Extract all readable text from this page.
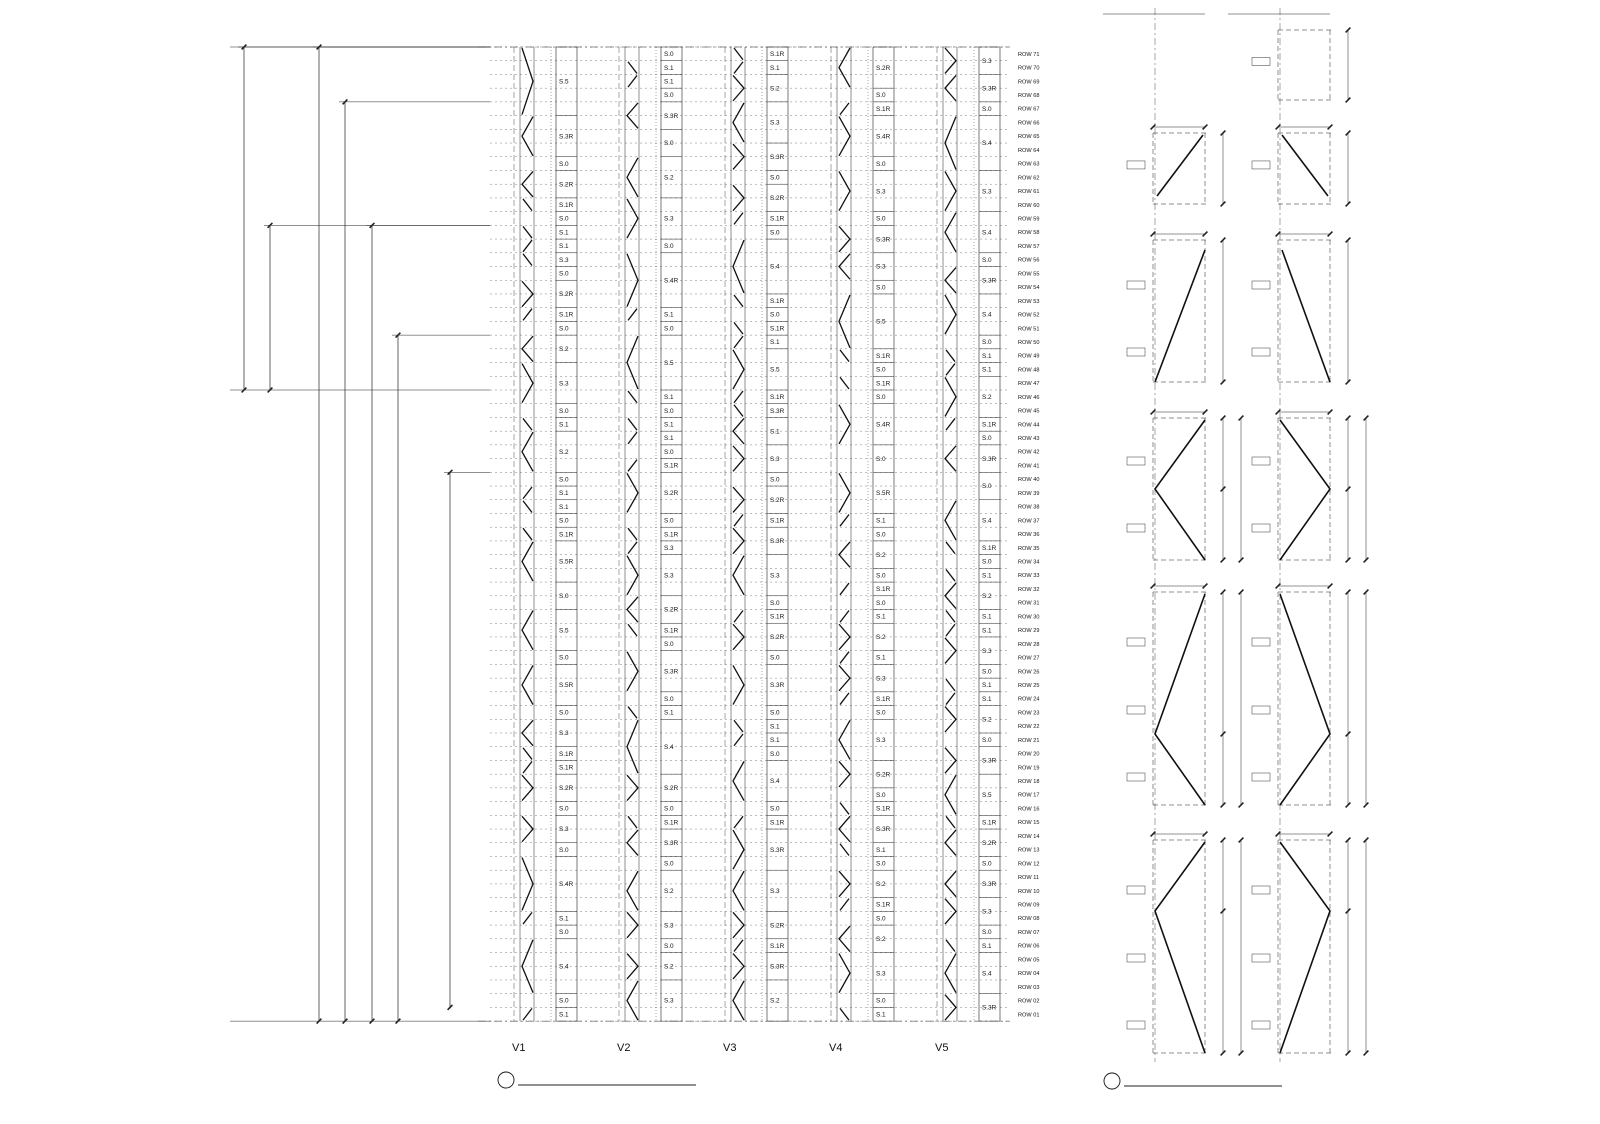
S.5
S.3R
S.0
S.2R
S.1R
S.0
S.1
S.1
S.3
S.0
S.2R
S.1R
S.0
S.2
S.3
S.0
S.1
S.2
S.0
S.1
S.1
S.0
S.1R
S.5R
S.0
S.5
S.0
S.5R
S.0
S.3
S.1R
S.1R
S.2R
S.0
S.3
S.0
S.4R
S.1
S.0
S.4
S.0
S.1
V1
S.0
S.1
S.1
S.0
S.3R
S.0
S.2
S.3
S.0
S.4R
S.1
S.0
S.5
S.1
S.0
S.1
S.1
S.0
S.1R
S.2R
S.0
S.1R
S.3
S.3
S.2R
S.1R
S.0
S.3R
S.0
S.1
S.4
S.2R
S.0
S.1R
S.3R
S.0
S.2
S.3
S.0
S.2
S.3
V2
S.1R
S.1
S.2
S.3
S.3R
S.0
S.2R
S.1R
S.0
S.4
S.1R
S.0
S.1R
S.1
S.5
S.1R
S.3R
S.1
S.3
S.0
S.2R
S.1R
S.3R
S.3
S.0
S.1R
S.2R
S.0
S.3R
S.0
S.1
S.1
S.0
S.4
S.0
S.1R
S.3R
S.3
S.2R
S.1R
S.3R
S.2
V3
S.2R
S.0
S.1R
S.4R
S.0
S.3
S.0
S.3R
S.3
S.0
S.5
S.1R
S.0
S.1R
S.0
S.4R
S.0
S.5R
S.1
S.0
S.2
S.0
S.1R
S.0
S.1
S.2
S.1
S.3
S.1R
S.0
S.3
S.2R
S.0
S.1R
S.3R
S.1
S.0
S.2
S.1R
S.0
S.2
S.3
S.0
S.1
V4
S.3
S.3R
S.0
S.4
S.3
S.4
S.0
S.3R
S.4
S.0
S.1
S.1
S.2
S.1R
S.0
S.3R
S.0
S.4
S.1R
S.0
S.1
S.2
S.1
S.1
S.3
S.0
S.1
S.1
S.2
S.0
S.3R
S.5
S.1R
S.2R
S.0
S.3R
S.3
S.0
S.1
S.4
S.3R
V5
ROW 71
ROW 70
ROW 69
ROW 68
ROW 67
ROW 66
ROW 65
ROW 64
ROW 63
ROW 62
ROW 61
ROW 60
ROW 59
ROW 58
ROW 57
ROW 56
ROW 55
ROW 54
ROW 53
ROW 52
ROW 51
ROW 50
ROW 49
ROW 48
ROW 47
ROW 46
ROW 45
ROW 44
ROW 43
ROW 42
ROW 41
ROW 40
ROW 39
ROW 38
ROW 37
ROW 36
ROW 35
ROW 34
ROW 33
ROW 32
ROW 31
ROW 30
ROW 29
ROW 28
ROW 27
ROW 26
ROW 25
ROW 24
ROW 23
ROW 22
ROW 21
ROW 20
ROW 19
ROW 18
ROW 17
ROW 16
ROW 15
ROW 14
ROW 13
ROW 12
ROW 11
ROW 10
ROW 09
ROW 08
ROW 07
ROW 06
ROW 05
ROW 04
ROW 03
ROW 02
ROW 01
